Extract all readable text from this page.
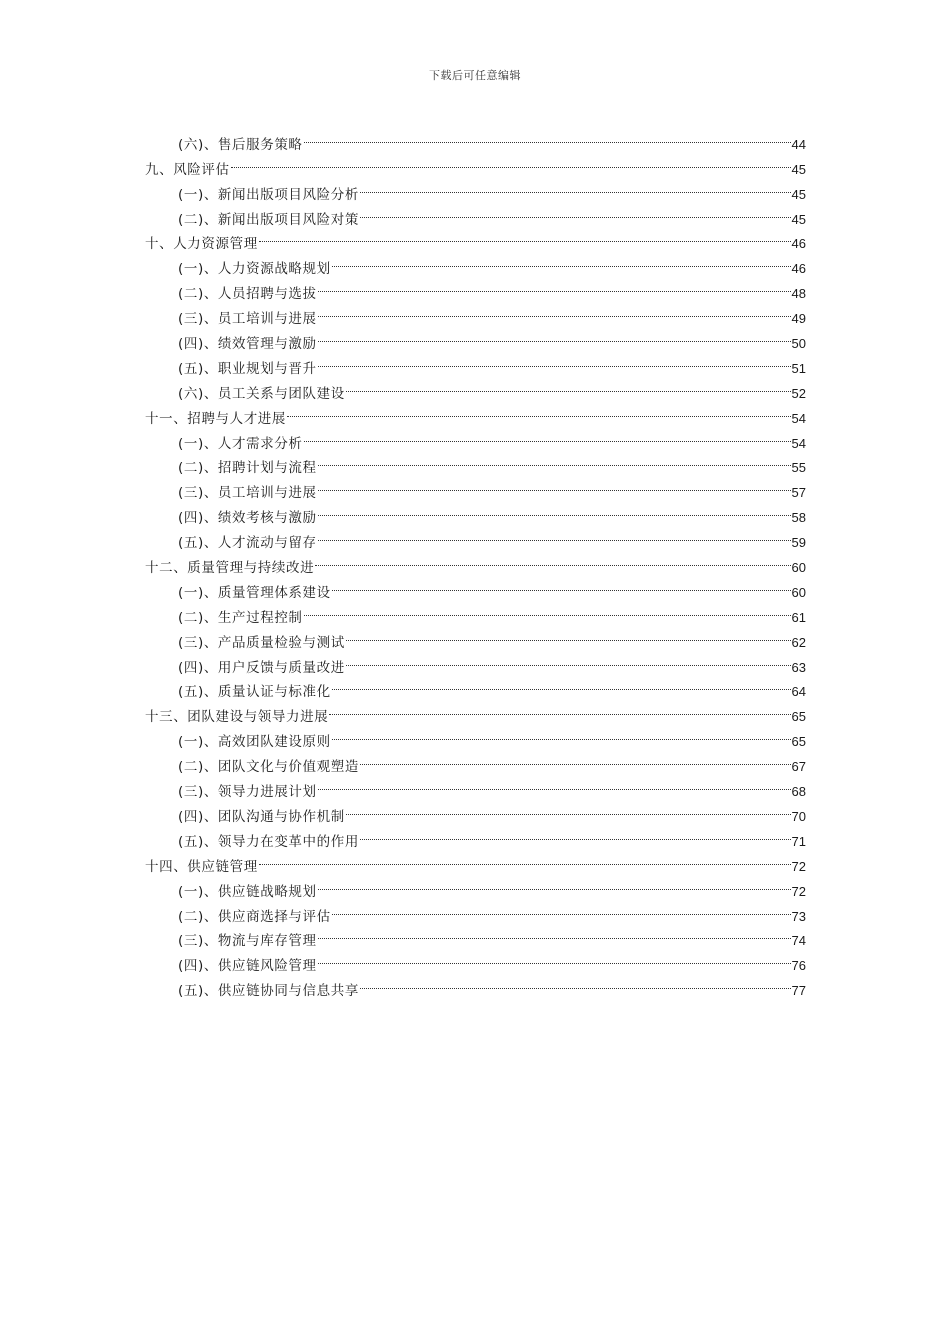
下载后可任意编辑
(六)、售后服务策略	44
九、风险评估	45
(一)、新闻出版项目风险分析	45
(二)、新闻出版项目风险对策	45
十、人力资源管理	46
(一)、人力资源战略规划	46
(二)、人员招聘与选拔	48
(三)、员工培训与进展	49
(四)、绩效管理与激励	50
(五)、职业规划与晋升	51
(六)、员工关系与团队建设	52
十一、招聘与人才进展	54
(一)、人才需求分析	54
(二)、招聘计划与流程	55
(三)、员工培训与进展	57
(四)、绩效考核与激励	58
(五)、人才流动与留存	59
十二、质量管理与持续改进	60
(一)、质量管理体系建设	60
(二)、生产过程控制	61
(三)、产品质量检验与测试	62
(四)、用户反馈与质量改进	63
(五)、质量认证与标准化	64
十三、团队建设与领导力进展	65
(一)、高效团队建设原则	65
(二)、团队文化与价值观塑造	67
(三)、领导力进展计划	68
(四)、团队沟通与协作机制	70
(五)、领导力在变革中的作用	71
十四、供应链管理	72
(一)、供应链战略规划	72
(二)、供应商选择与评估	73
(三)、物流与库存管理	74
(四)、供应链风险管理	76
(五)、供应链协同与信息共享	77
